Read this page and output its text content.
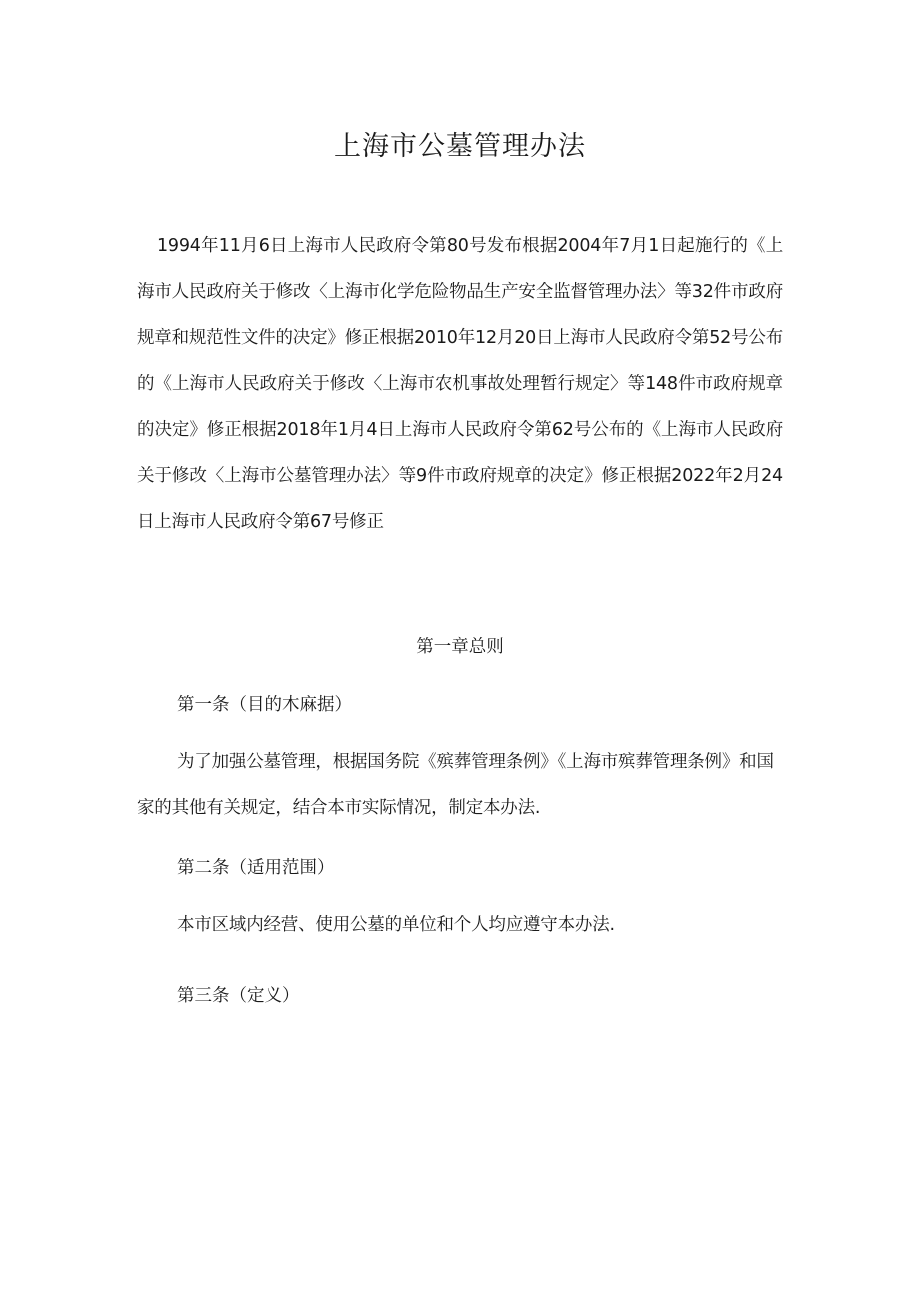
上海市公墓管理办法

1994年11月6日上海市人民政府令第80号发布根据2004年7月1日起施行的《上海市人民政府关于修改〈上海市化学危险物品生产安全监督管理办法〉等32件市政府规章和规范性文件的决定》修正根据2010年12月20日上海市人民政府令第52号公布的《上海市人民政府关于修改〈上海市农机事故处理暂行规定〉等148件市政府规章的决定》修正根据2018年1月4日上海市人民政府令第62号公布的《上海市人民政府关于修改〈上海市公墓管理办法〉等9件市政府规章的决定》修正根据2022年2月24日上海市人民政府令第67号修正

第一章总则
第一条（目的木麻据）

为了加强公墓管理，根据国务院《殡葬管理条例》《上海市殡葬管理条例》和国家的其他有关规定，结合本市实际情况，制定本办法.

第二条（适用范围）

本市区域内经营、使用公墓的单位和个人均应遵守本办法.

第三条（定义）
